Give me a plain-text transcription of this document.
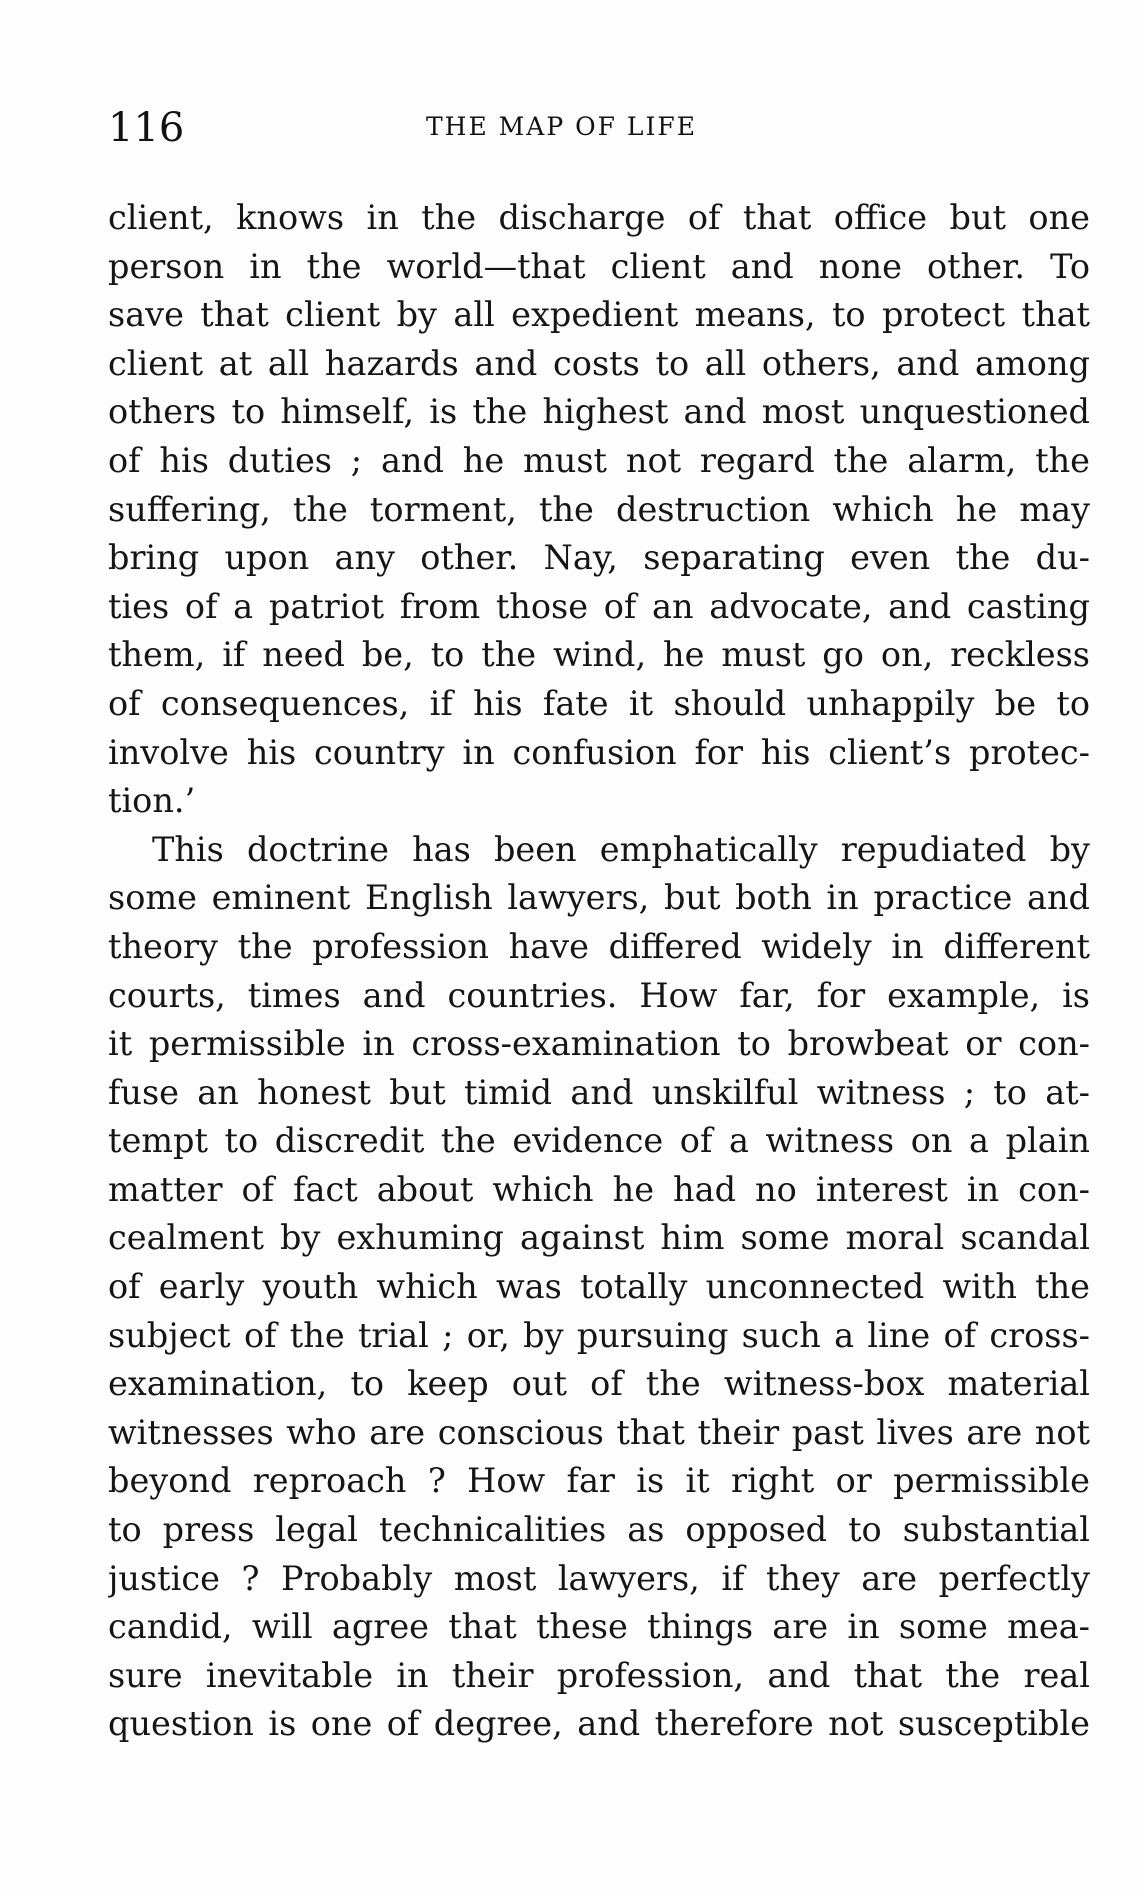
116	THE MAP OF LIFE
client, knows in the discharge of that office but one
person in the world—that client and none other. To
save that client by all expedient means, to protect that
client at all hazards and costs to all others, and among
others to himself, is the highest and most unquestioned
of his duties ; and he must not regard the alarm, the
suffering, the torment, the destruction which he may
bring upon any other. Nay, separating even the du-
ties of a patriot from those of an advocate, and casting
them, if need be, to the wind, he must go on, reckless
of consequences, if his fate it should unhappily be to
involve his country in confusion for his client’s protec-
tion.’
This doctrine has been emphatically repudiated by
some eminent English lawyers, but both in practice and
theory the profession have differed widely in different
courts, times and countries. How far, for example, is
it permissible in cross-examination to browbeat or con-
fuse an honest but timid and unskilful witness ; to at-
tempt to discredit the evidence of a witness on a plain
matter of fact about which he had no interest in con-
cealment by exhuming against him some moral scandal
of early youth which was totally unconnected with the
subject of the trial ; or, by pursuing such a line of cross-
examination, to keep out of the witness-box material
witnesses who are conscious that their past lives are not
beyond reproach ? How far is it right or permissible
to press legal technicalities as opposed to substantial
justice ? Probably most lawyers, if they are perfectly
candid, will agree that these things are in some mea-
sure inevitable in their profession, and that the real
question is one of degree, and therefore not susceptible
